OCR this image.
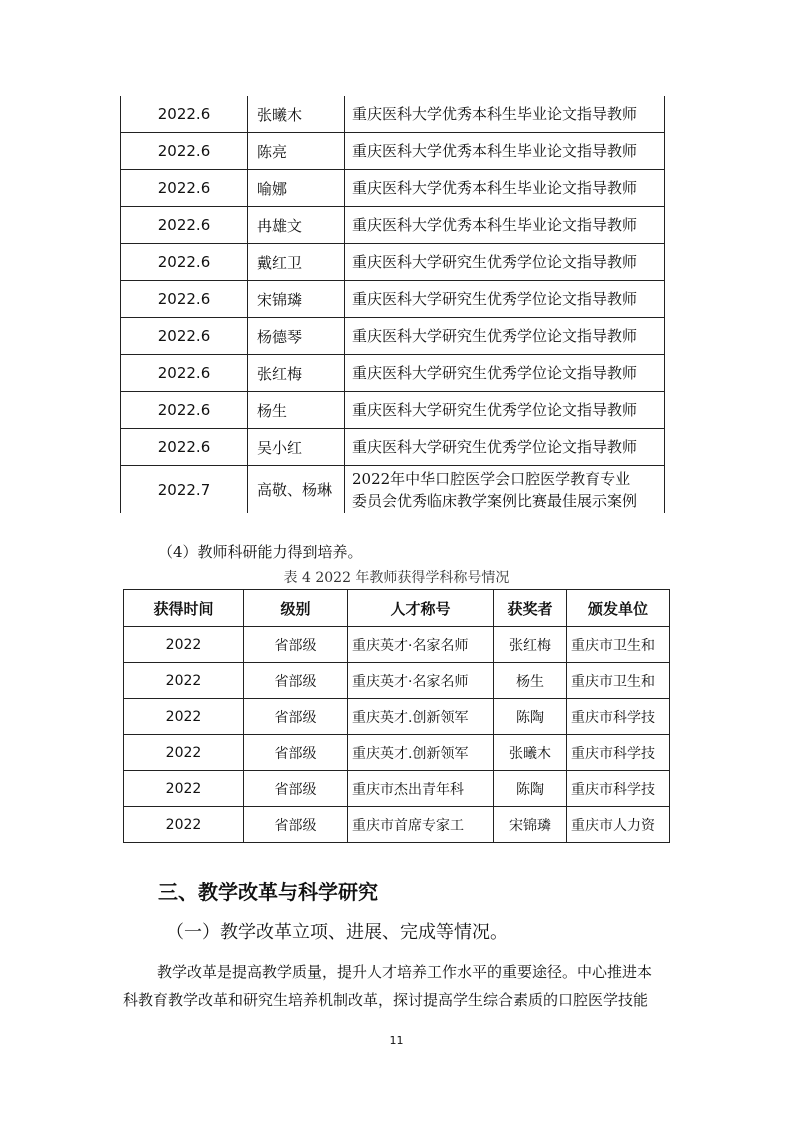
2022.6	张曦木	重庆医科大学优秀本科生毕业论文指导教师
2022.6	陈亮	重庆医科大学优秀本科生毕业论文指导教师
2022.6	喻娜	重庆医科大学优秀本科生毕业论文指导教师
2022.6	冉雄文	重庆医科大学优秀本科生毕业论文指导教师
2022.6	戴红卫	重庆医科大学研究生优秀学位论文指导教师
2022.6	宋锦璘	重庆医科大学研究生优秀学位论文指导教师
2022.6	杨德琴	重庆医科大学研究生优秀学位论文指导教师
2022.6	张红梅	重庆医科大学研究生优秀学位论文指导教师
2022.6	杨生	重庆医科大学研究生优秀学位论文指导教师
2022.6	吴小红	重庆医科大学研究生优秀学位论文指导教师
2022.7	高敬、杨琳	2022年中华口腔医学会口腔医学教育专业
委员会优秀临床教学案例比赛最佳展示案例
（4）教师科研能力得到培养。
表 4 2022 年教师获得学科称号情况
获得时间	级别	人才称号	获奖者	颁发单位
2022	省部级	重庆英才·名家名师	张红梅	重庆市卫生和
2022	省部级	重庆英才·名家名师	杨生	重庆市卫生和
2022	省部级	重庆英才.创新领军	陈陶	重庆市科学技
2022	省部级	重庆英才.创新领军	张曦木	重庆市科学技
2022	省部级	重庆市杰出青年科	陈陶	重庆市科学技
2022	省部级	重庆市首席专家工	宋锦璘	重庆市人力资
三、教学改革与科学研究
（一）教学改革立项、进展、完成等情况。
教学改革是提高教学质量，提升人才培养工作水平的重要途径。中心推进本
科教育教学改革和研究生培养机制改革，探讨提高学生综合素质的口腔医学技能
11
